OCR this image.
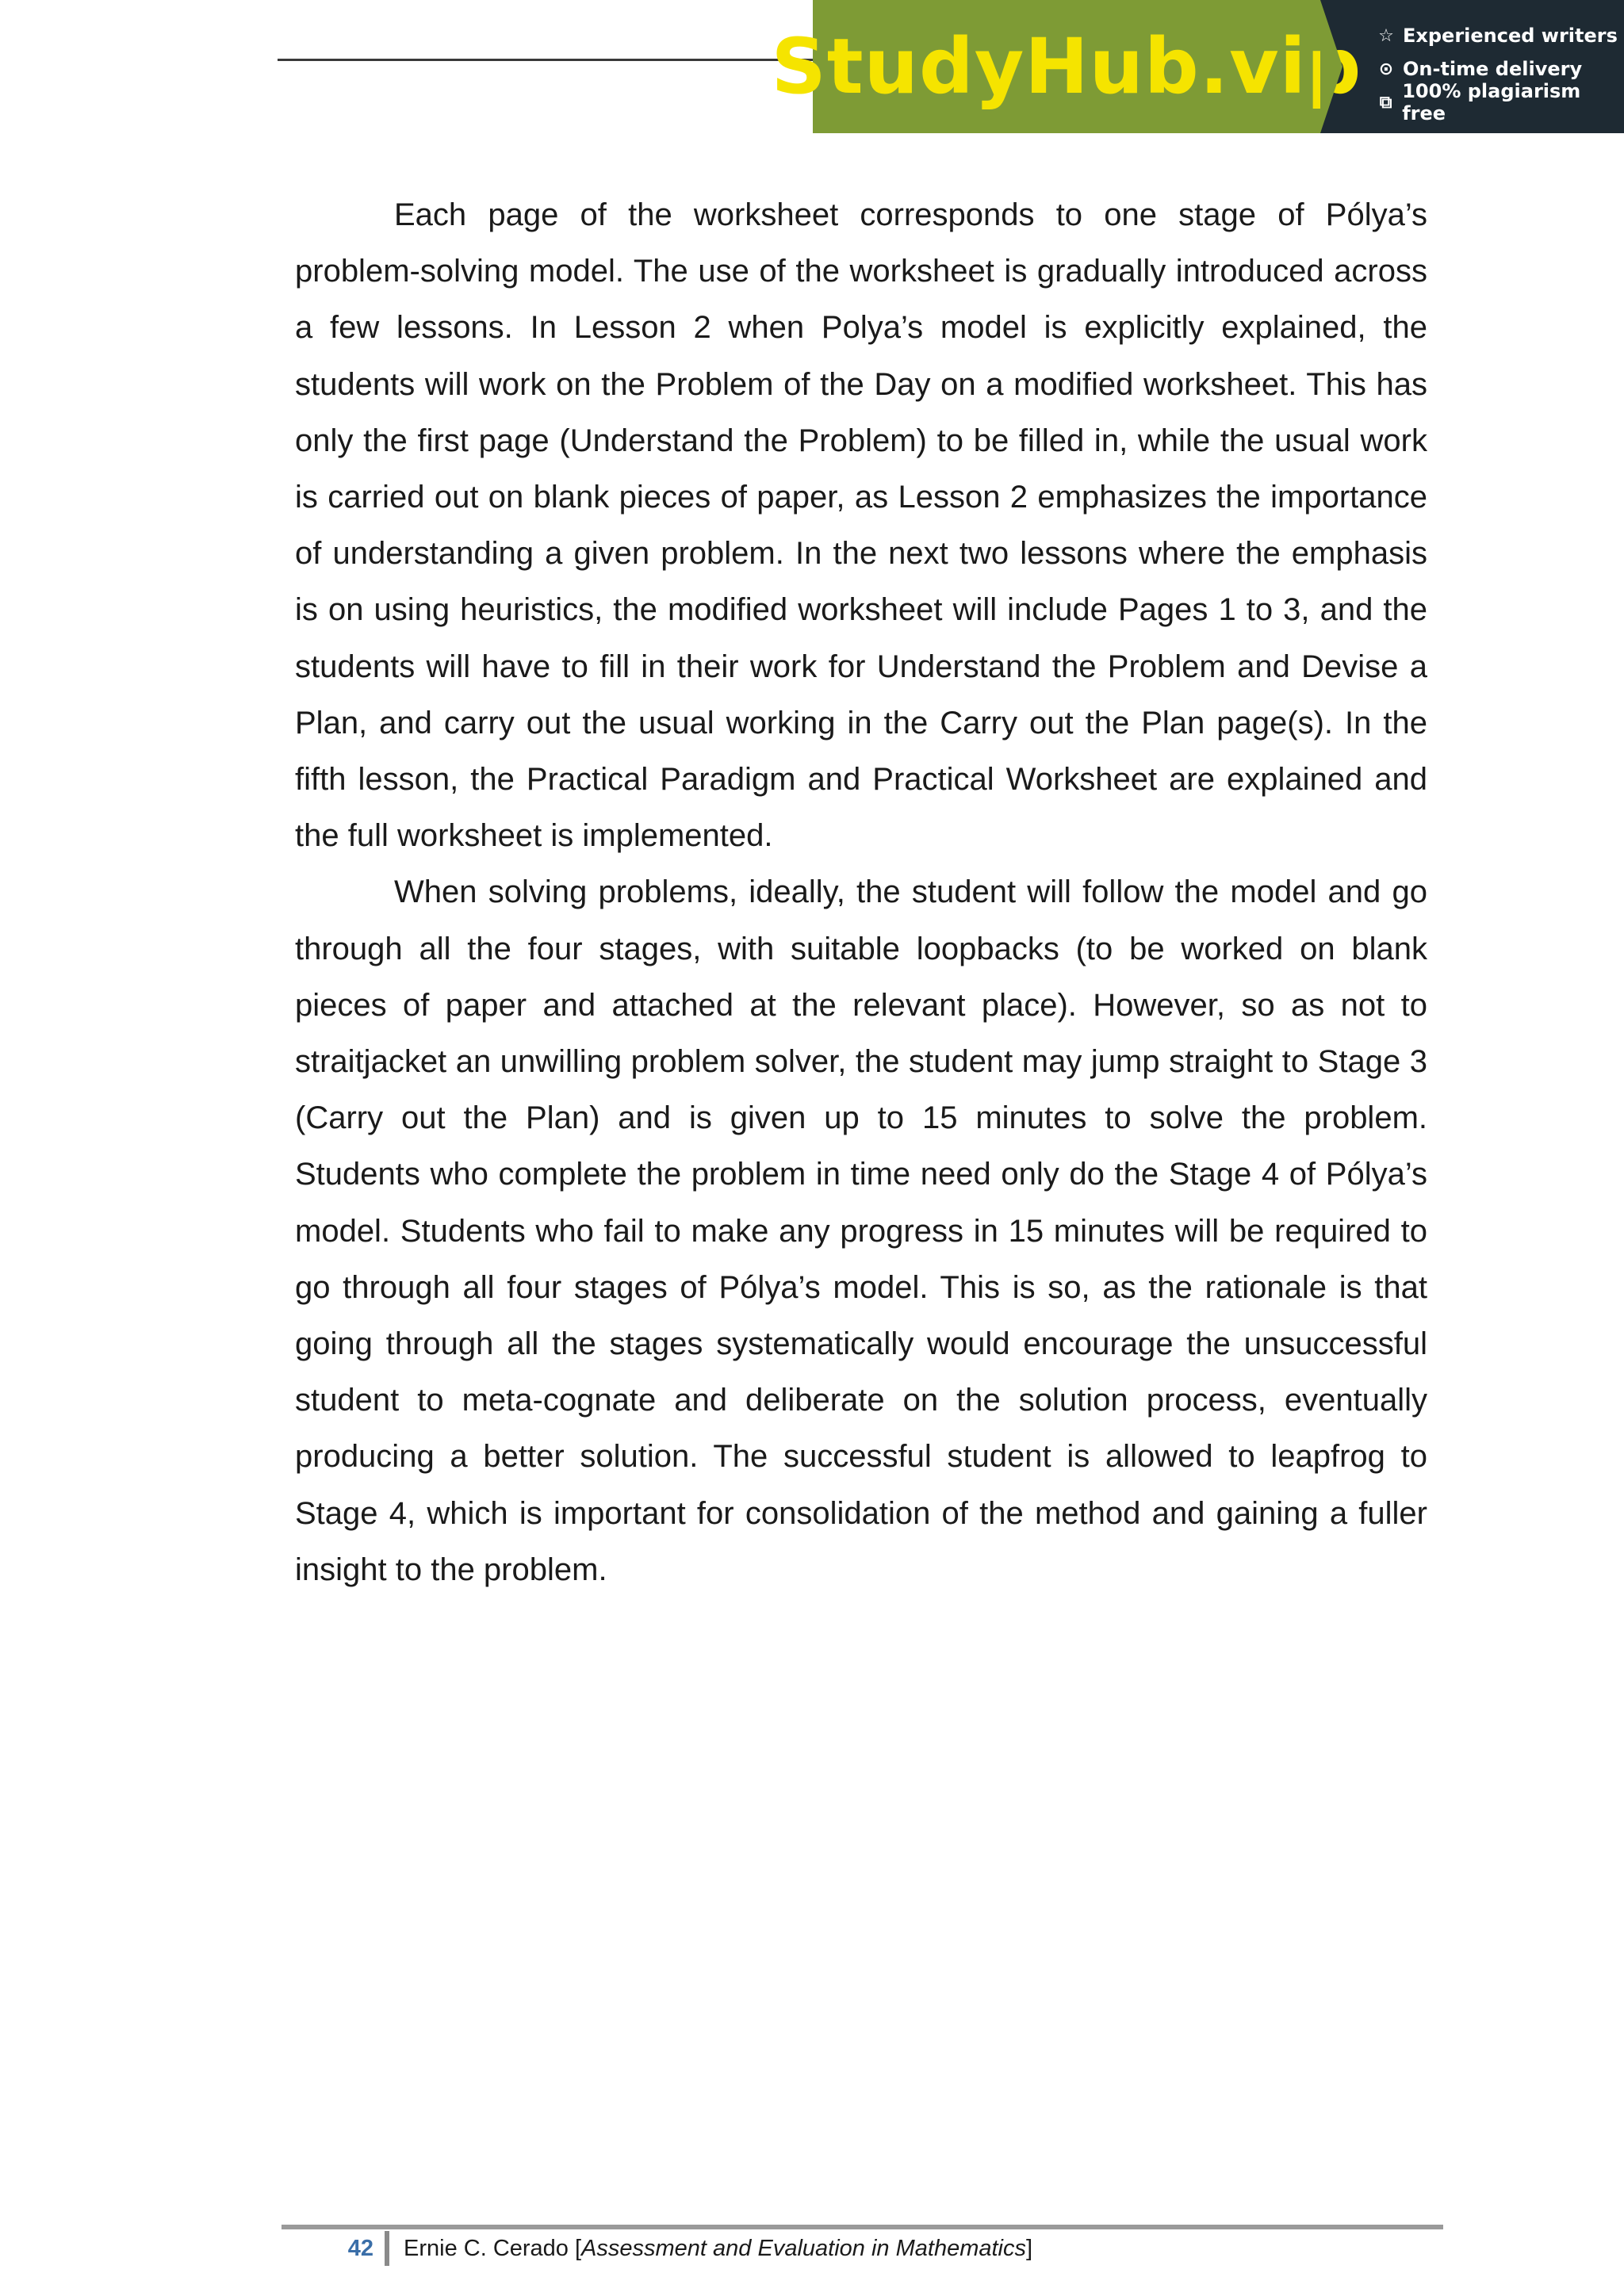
StudyHub.vip ☆ Experienced writers
⊙ On-time delivery
⧉ 100% plagiarism free

Each page of the worksheet corresponds to one stage of Pólya’s problem-solving model. The use of the worksheet is gradually introduced across a few lessons. In Lesson 2 when Polya’s model is explicitly explained, the students will work on the Problem of the Day on a modified worksheet. This has only the first page (Understand the Problem) to be filled in, while the usual work is carried out on blank pieces of paper, as Lesson 2 emphasizes the importance of understanding a given problem. In the next two lessons where the emphasis is on using heuristics, the modified worksheet will include Pages 1 to 3, and the students will have to fill in their work for Understand the Problem and Devise a Plan, and carry out the usual working in the Carry out the Plan page(s). In the fifth lesson, the Practical Paradigm and Practical Worksheet are explained and the full worksheet is implemented.

When solving problems, ideally, the student will follow the model and go through all the four stages, with suitable loopbacks (to be worked on blank pieces of paper and attached at the relevant place). However, so as not to straitjacket an unwilling problem solver, the student may jump straight to Stage 3 (Carry out the Plan) and is given up to 15 minutes to solve the problem. Students who complete the problem in time need only do the Stage 4 of Pólya’s model. Students who fail to make any progress in 15 minutes will be required to go through all four stages of Pólya’s model. This is so, as the rationale is that going through all the stages systematically would encourage the unsuccessful student to meta-cognate and deliberate on the solution process, eventually producing a better solution. The successful student is allowed to leapfrog to Stage 4, which is important for consolidation of the method and gaining a fuller insight to the problem.

42	Ernie C. Cerado [Assessment and Evaluation in Mathematics]
